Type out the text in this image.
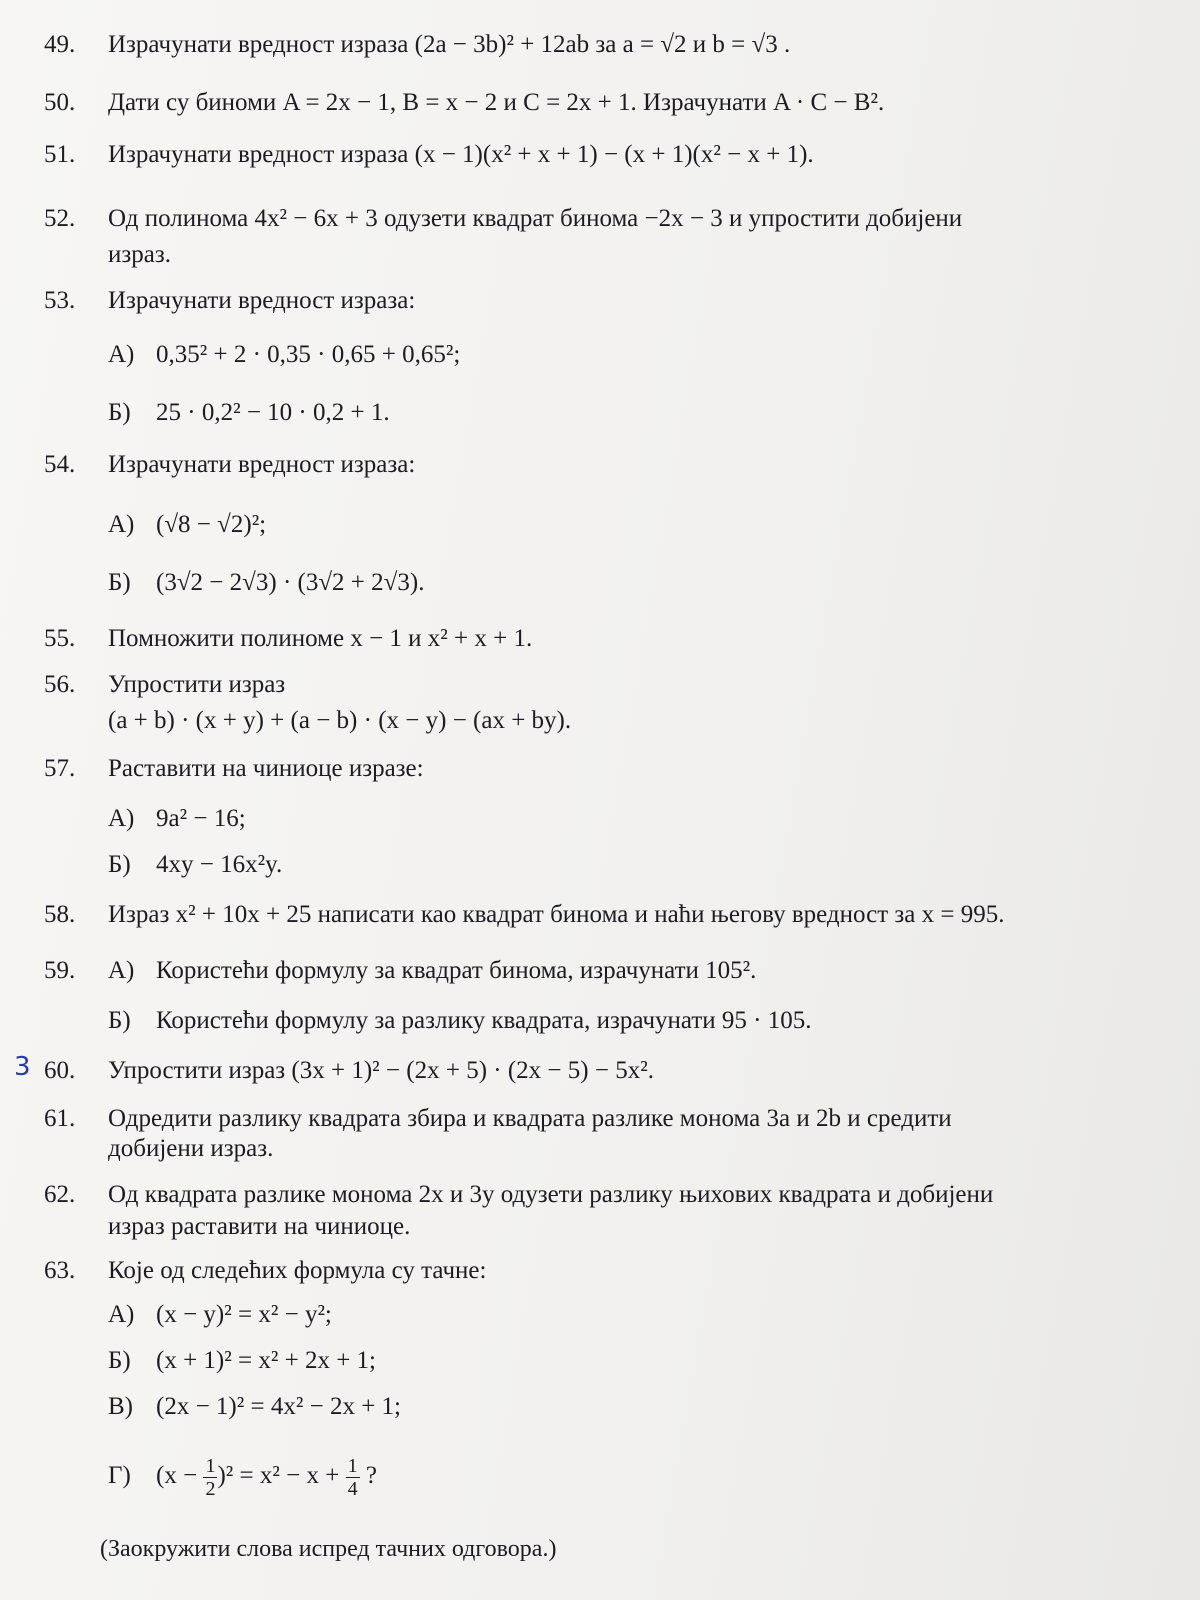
49.	Израчунати вредност израза (2a − 3b)² + 12ab за a = √2 и b = √3 .
50.	Дати су биноми A = 2x − 1, B = x − 2 и C = 2x + 1. Израчунати A · C − B².
51.	Израчунати вредност израза (x − 1)(x² + x + 1) − (x + 1)(x² − x + 1).
52.	Од полинома 4x² − 6x + 3 одузети квадрат бинома −2x − 3 и упростити добијени
израз.
53.	Израчунати вредност израза:
А) 0,35² + 2 · 0,35 · 0,65 + 0,65²;
Б) 25 · 0,2² − 10 · 0,2 + 1.
54.	Израчунати вредност израза:
А) (√8 − √2)²;
Б) (3√2 − 2√3) · (3√2 + 2√3).
55.	Помножити полиноме x − 1 и x² + x + 1.
56.	Упростити израз
(a + b) · (x + y) + (a − b) · (x − y) − (ax + by).
57.	Раставити на чиниоце изразе:
А) 9a² − 16;
Б) 4xy − 16x²y.
58.	Израз x² + 10x + 25 написати као квадрат бинома и наћи његову вредност за x = 995.
59.	А) Користећи формулу за квадрат бинома, израчунати 105².
Б) Користећи формулу за разлику квадрата, израчунати 95 · 105.
3 60.	Упростити израз (3x + 1)² − (2x + 5) · (2x − 5) − 5x².
61.	Одредити разлику квадрата збира и квадрата разлике монома 3a и 2b и средити
добијени израз.
62.	Од квадрата разлике монома 2x и 3y одузети разлику њихових квадрата и добијени
израз раставити на чиниоце.
63.	Које од следећих формула су тачне:
А) (x − y)² = x² − y²;
Б) (x + 1)² = x² + 2x + 1;
В) (2x − 1)² = 4x² − 2x + 1;
Г) $(x - \frac{1}{2} )^2 = x^2 - x + \frac{1}{4}$ ?
(Заокружити слова испред тачних одговора.)
